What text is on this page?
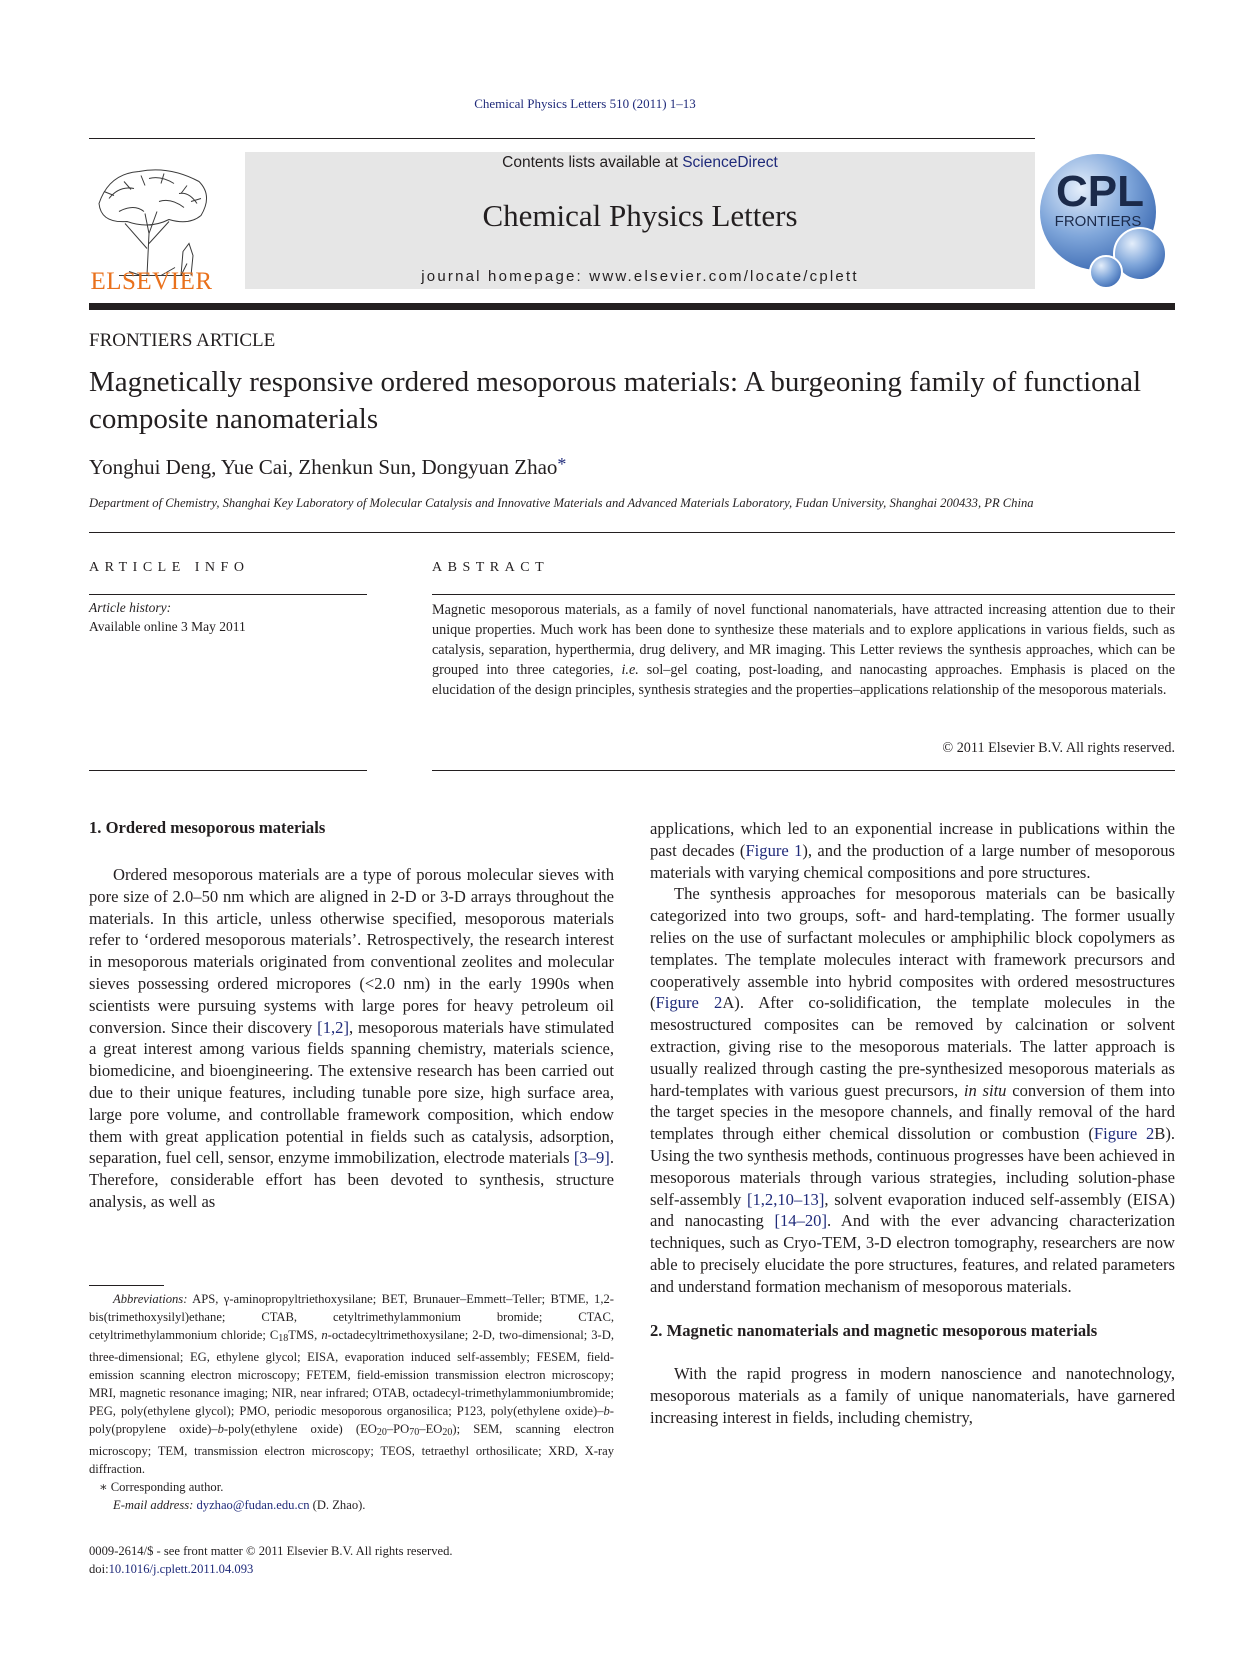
Chemical Physics Letters 510 (2011) 1–13
ELSEVIER
Contents lists available at ScienceDirect
Chemical Physics Letters
journal homepage: www.elsevier.com/locate/cplett
CPL
FRONTIERS
FRONTIERS ARTICLE
Magnetically responsive ordered mesoporous materials: A burgeoning family of functional composite nanomaterials
Yonghui Deng, Yue Cai, Zhenkun Sun, Dongyuan Zhao*
Department of Chemistry, Shanghai Key Laboratory of Molecular Catalysis and Innovative Materials and Advanced Materials Laboratory, Fudan University, Shanghai 200433, PR China
ARTICLE INFO	ABSTRACT
Article history:
Available online 3 May 2011
Magnetic mesoporous materials, as a family of novel functional nanomaterials, have attracted increasing attention due to their unique properties. Much work has been done to synthesize these materials and to explore applications in various fields, such as catalysis, separation, hyperthermia, drug delivery, and MR imaging. This Letter reviews the synthesis approaches, which can be grouped into three categories, i.e. sol–gel coating, post-loading, and nanocasting approaches. Emphasis is placed on the elucidation of the design principles, synthesis strategies and the properties–applications relationship of the mesoporous materials.
© 2011 Elsevier B.V. All rights reserved.
1. Ordered mesoporous materials

Ordered mesoporous materials are a type of porous molecular sieves with pore size of 2.0–50 nm which are aligned in 2-D or 3-D arrays throughout the materials. In this article, unless otherwise specified, mesoporous materials refer to ‘ordered mesoporous materials’. Retrospectively, the research interest in mesoporous materials originated from conventional zeolites and molecular sieves possessing ordered micropores (<2.0 nm) in the early 1990s when scientists were pursuing systems with large pores for heavy petroleum oil conversion. Since their discovery [1,2], mesoporous materials have stimulated a great interest among various fields spanning chemistry, materials science, biomedicine, and bioengineering. The extensive research has been carried out due to their unique features, including tunable pore size, high surface area, large pore volume, and controllable framework composition, which endow them with great application potential in fields such as catalysis, adsorption, separation, fuel cell, sensor, enzyme immobilization, electrode materials [3–9]. Therefore, considerable effort has been devoted to synthesis, structure analysis, as well as

Abbreviations: APS, γ-aminopropyltriethoxysilane; BET, Brunauer–Emmett–Teller; BTME, 1,2-bis(trimethoxysilyl)ethane; CTAB, cetyltrimethylammonium bromide; CTAC, cetyltrimethylammonium chloride; $C_{18}TMS$, n-octadecyltrimethoxysilane; 2-D, two-dimensional; 3-D, three-dimensional; EG, ethylene glycol; EISA, evaporation induced self-assembly; FESEM, field-emission scanning electron microscopy; FETEM, field-emission transmission electron microscopy; MRI, magnetic resonance imaging; NIR, near infrared; OTAB, octadecyl-trimethylammoniumbromide; PEG, poly(ethylene glycol); PMO, periodic mesoporous organosilica; P123, poly(ethylene oxide)–b-poly(propylene oxide)–b-poly(ethylene oxide) $(EO_{20}-PO_{70}-EO_{20})$; SEM, scanning electron microscopy; TEM, transmission electron microscopy; TEOS, tetraethyl orthosilicate; XRD, X-ray diffraction.

∗ Corresponding author.

E-mail address: dyzhao@fudan.edu.cn (D. Zhao).

0009-2614/$ - see front matter © 2011 Elsevier B.V. All rights reserved.
doi:10.1016/j.cplett.2011.04.093

applications, which led to an exponential increase in publications within the past decades (Figure 1), and the production of a large number of mesoporous materials with varying chemical compositions and pore structures.

The synthesis approaches for mesoporous materials can be basically categorized into two groups, soft- and hard-templating. The former usually relies on the use of surfactant molecules or amphiphilic block copolymers as templates. The template molecules interact with framework precursors and cooperatively assemble into hybrid composites with ordered mesostructures (Figure 2A). After co-solidification, the template molecules in the mesostructured composites can be removed by calcination or solvent extraction, giving rise to the mesoporous materials. The latter approach is usually realized through casting the pre-synthesized mesoporous materials as hard-templates with various guest precursors, in situ conversion of them into the target species in the mesopore channels, and finally removal of the hard templates through either chemical dissolution or combustion (Figure 2B). Using the two synthesis methods, continuous progresses have been achieved in mesoporous materials through various strategies, including solution-phase self-assembly [1,2,10–13], solvent evaporation induced self-assembly (EISA) and nanocasting [14–20]. And with the ever advancing characterization techniques, such as Cryo-TEM, 3-D electron tomography, researchers are now able to precisely elucidate the pore structures, features, and related parameters and understand formation mechanism of mesoporous materials.

2. Magnetic nanomaterials and magnetic mesoporous materials

With the rapid progress in modern nanoscience and nanotechnology, mesoporous materials as a family of unique nanomaterials, have garnered increasing interest in fields, including chemistry,
